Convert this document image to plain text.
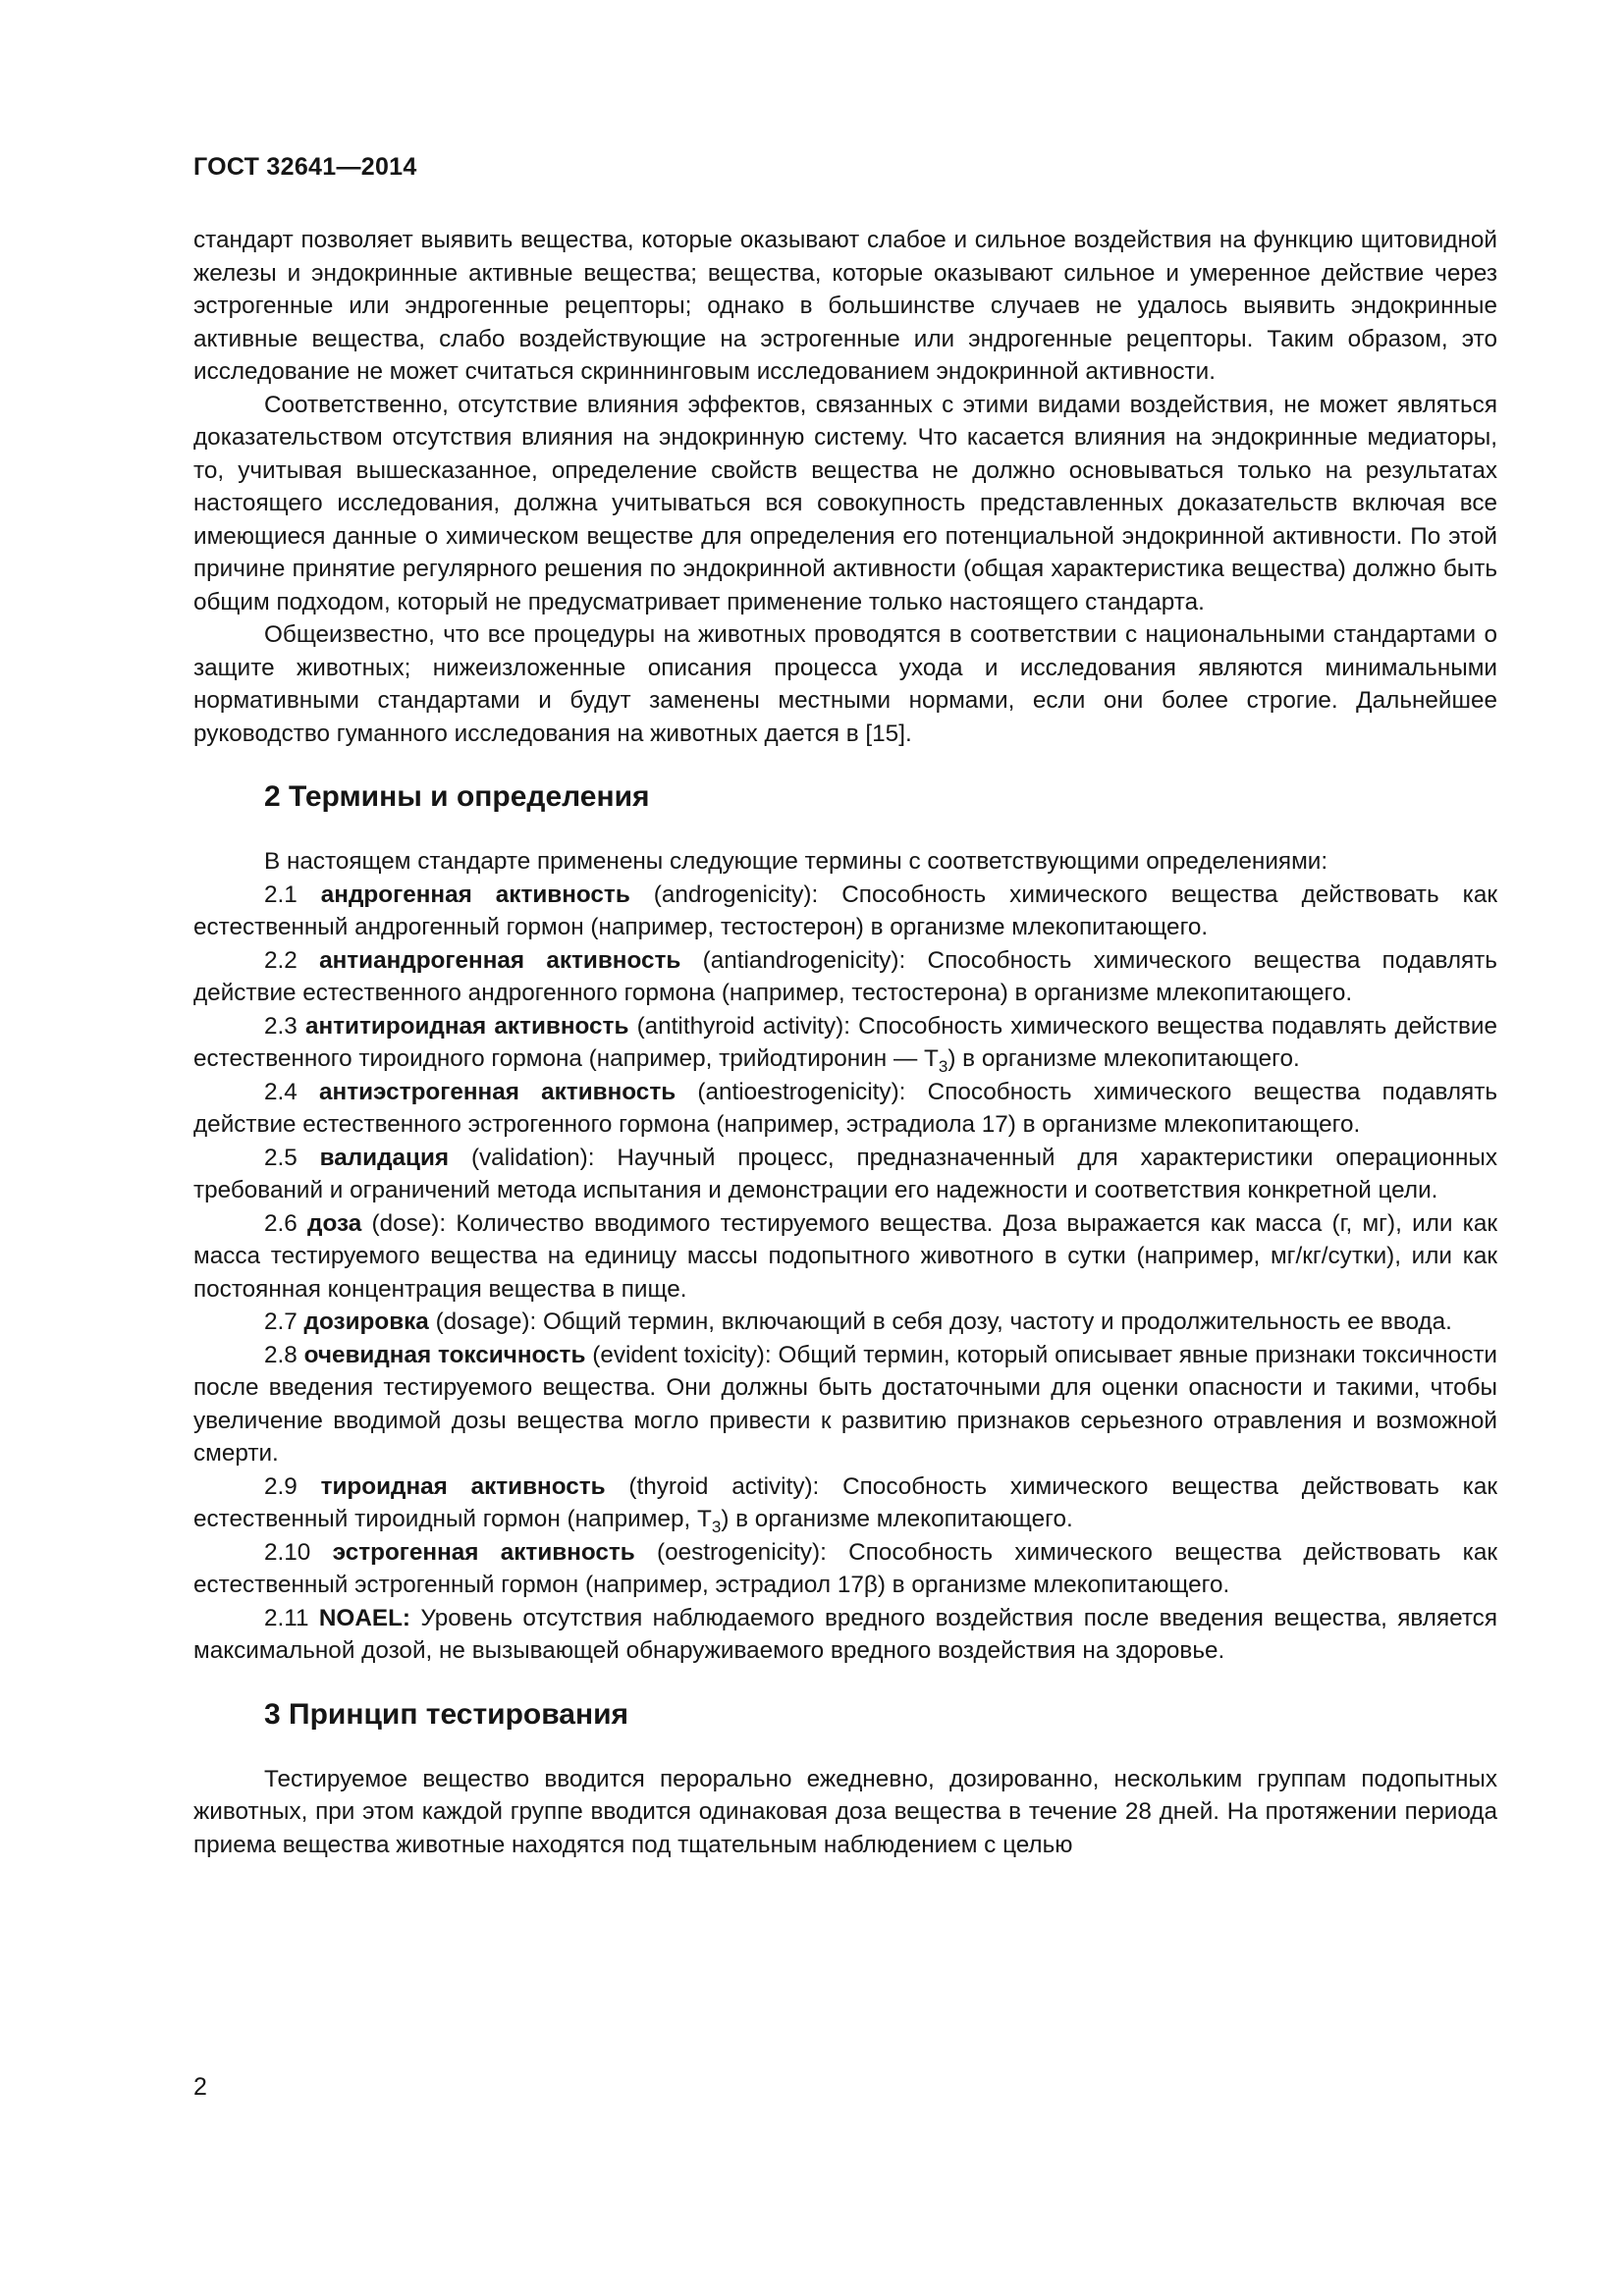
ГОСТ 32641—2014

стандарт позволяет выявить вещества, которые оказывают слабое и сильное воздействия на функцию щитовидной железы и эндокринные активные вещества; вещества, которые оказывают сильное и умеренное действие через эстрогенные или эндрогенные рецепторы; однако в большинстве случаев не удалось выявить эндокринные активные вещества, слабо воздействующие на эстрогенные или эндрогенные рецепторы. Таким образом, это исследование не может считаться скриннинговым исследованием эндокринной активности.

Соответственно, отсутствие влияния эффектов, связанных с этими видами воздействия, не может являться доказательством отсутствия влияния на эндокринную систему. Что касается влияния на эндокринные медиаторы, то, учитывая вышесказанное, определение свойств вещества не должно основываться только на результатах настоящего исследования, должна учитываться вся совокупность представленных доказательств включая все имеющиеся данные о химическом веществе для определения его потенциальной эндокринной активности. По этой причине принятие регулярного решения по эндокринной активности (общая характеристика вещества) должно быть общим подходом, который не предусматривает применение только настоящего стандарта.

Общеизвестно, что все процедуры на животных проводятся в соответствии с национальными стандартами о защите животных; нижеизложенные описания процесса ухода и исследования являются минимальными нормативными стандартами и будут заменены местными нормами, если они более строгие. Дальнейшее руководство гуманного исследования на животных дается в [15].

2 Термины и определения

В настоящем стандарте применены следующие термины с соответствующими определениями:

2.1 андрогенная активность (androgenicity): Способность химического вещества действовать как естественный андрогенный гормон (например, тестостерон) в организме млекопитающего.

2.2 антиандрогенная активность (antiandrogenicity): Способность химического вещества подавлять действие естественного андрогенного гормона (например, тестостерона) в организме млекопитающего.

2.3 антитироидная активность (antithyroid activity): Способность химического вещества подавлять действие естественного тироидного гормона (например, трийодтиронин — $Т_3$) в организме млекопитающего.

2.4 антиэстрогенная активность (antioestrogenicity): Способность химического вещества подавлять действие естественного эстрогенного гормона (например, эстрадиола 17) в организме млекопитающего.

2.5 валидация (validation): Научный процесс, предназначенный для характеристики операционных требований и ограничений метода испытания и демонстрации его надежности и соответствия конкретной цели.

2.6 доза (dose): Количество вводимого тестируемого вещества. Доза выражается как масса (г, мг), или как масса тестируемого вещества на единицу массы подопытного животного в сутки (например, мг/кг/сутки), или как постоянная концентрация вещества в пище.

2.7 дозировка (dosage): Общий термин, включающий в себя дозу, частоту и продолжительность ее ввода.

2.8 очевидная токсичность (evident toxicity): Общий термин, который описывает явные признаки токсичности после введения тестируемого вещества. Они должны быть достаточными для оценки опасности и такими, чтобы увеличение вводимой дозы вещества могло привести к развитию признаков серьезного отравления и возможной смерти.

2.9 тироидная активность (thyroid activity): Способность химического вещества действовать как естественный тироидный гормон (например, $Т_3$) в организме млекопитающего.

2.10 эстрогенная активность (oestrogenicity): Способность химического вещества действовать как естественный эстрогенный гормон (например, эстрадиол 17β) в организме млекопитающего.

2.11 NOAEL: Уровень отсутствия наблюдаемого вредного воздействия после введения вещества, является максимальной дозой, не вызывающей обнаруживаемого вредного воздействия на здоровье.

3 Принцип тестирования

Тестируемое вещество вводится перорально ежедневно, дозированно, нескольким группам подопытных животных, при этом каждой группе вводится одинаковая доза вещества в течение 28 дней. На протяжении периода приема вещества животные находятся под тщательным наблюдением с целью

2
